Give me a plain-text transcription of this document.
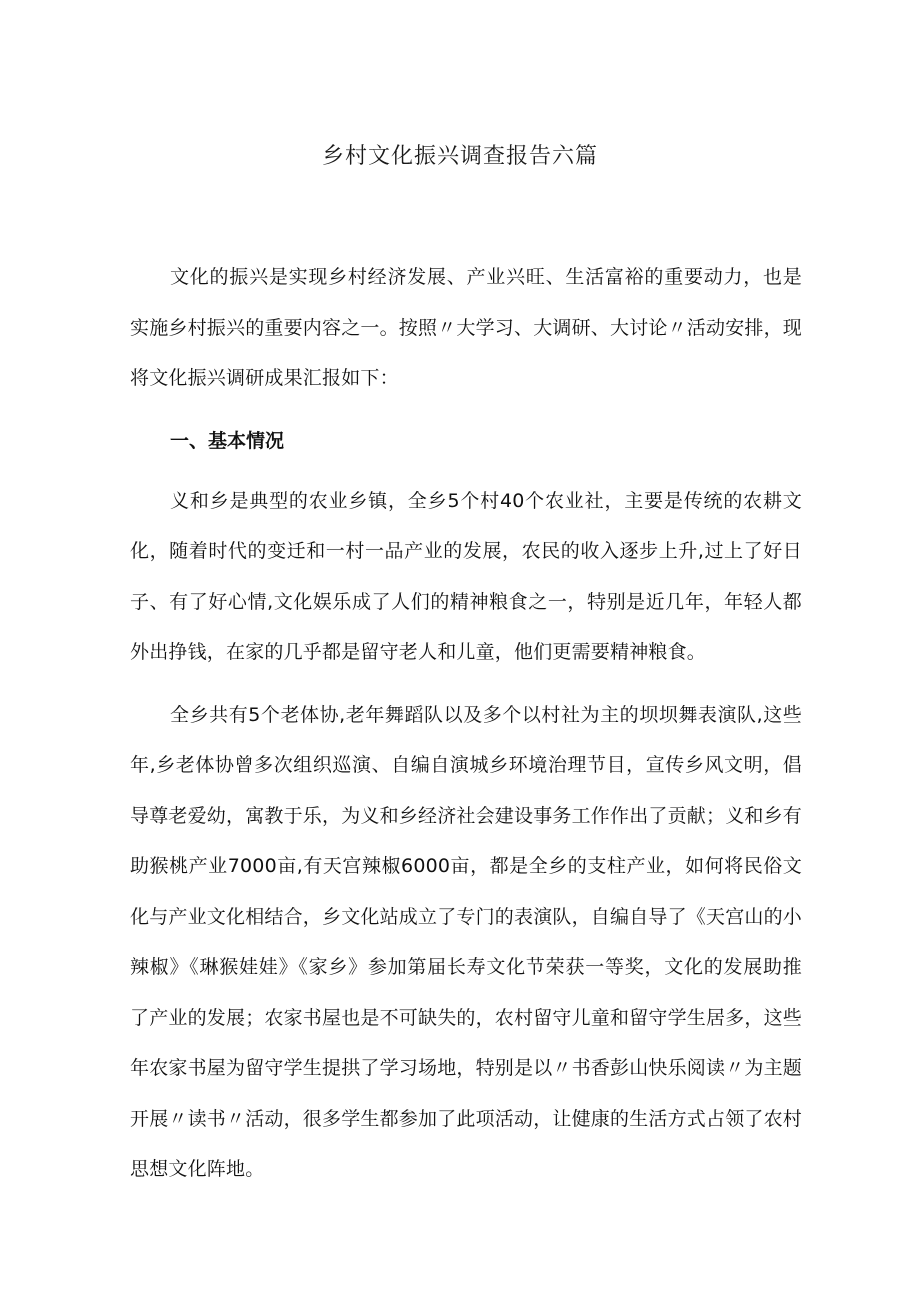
乡村文化振兴调查报告六篇

文化的振兴是实现乡村经济发展、产业兴旺、生活富裕的重要动力，也是实施乡村振兴的重要内容之一。按照〃大学习、大调研、大讨论〃活动安排，现将文化振兴调研成果汇报如下：

一、基本情况

义和乡是典型的农业乡镇，全乡5个村40个农业社，主要是传统的农耕文化，随着时代的变迁和一村一品产业的发展，农民的收入逐步上升,过上了好日子、有了好心情,文化娱乐成了人们的精神粮食之一，特别是近几年，年轻人都外出挣钱，在家的几乎都是留守老人和儿童，他们更需要精神粮食。

全乡共有5个老体协,老年舞蹈队以及多个以村社为主的坝坝舞表演队,这些年,乡老体协曾多次组织巡演、自编自演城乡环境治理节目，宣传乡风文明，倡导尊老爱幼，寓教于乐，为义和乡经济社会建设事务工作作出了贡献；义和乡有助猴桃产业7000亩,有天宫辣椒6000亩，都是全乡的支柱产业，如何将民俗文化与产业文化相结合，乡文化站成立了专门的表演队，自编自导了《天宫山的小辣椒》《琳猴娃娃》《家乡》参加第届长寿文化节荣获一等奖，文化的发展助推了产业的发展；农家书屋也是不可缺失的，农村留守儿童和留守学生居多，这些年农家书屋为留守学生提拱了学习场地，特别是以〃书香彭山快乐阅读〃为主题开展〃读书〃活动，很多学生都参加了此项活动，让健康的生活方式占领了农村思想文化阵地。
